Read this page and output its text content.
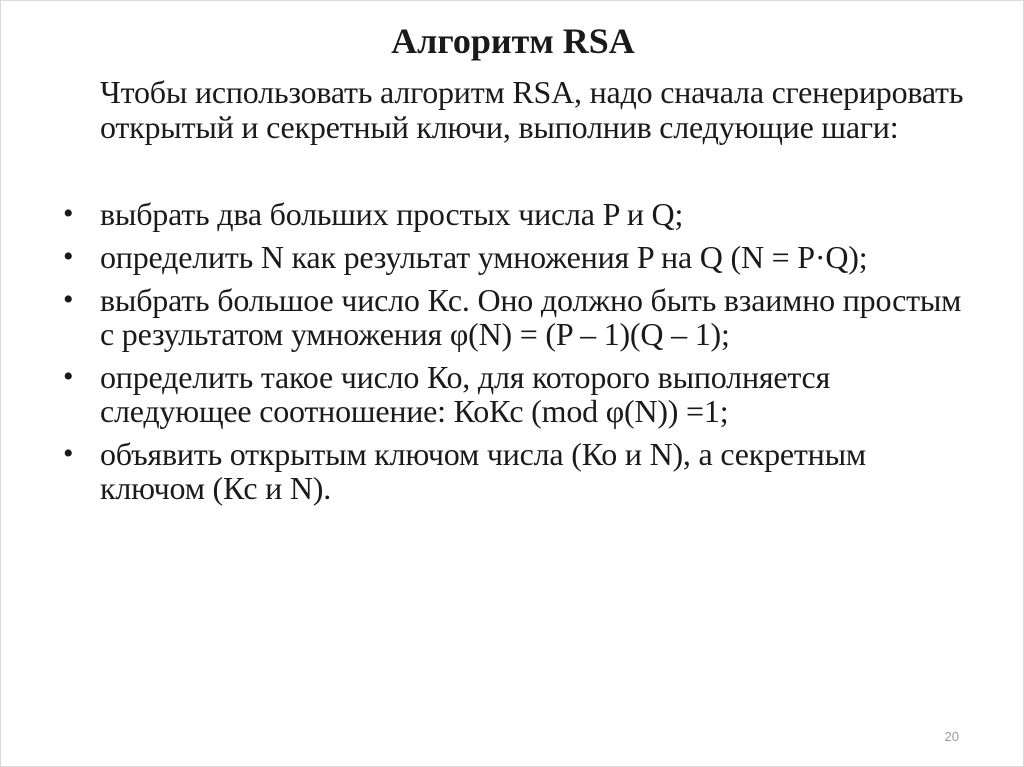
Алгоритм RSA
Чтобы использовать алгоритм RSA, надо сначала сгенерировать открытый и секретный ключи, выполнив следующие шаги:
• выбрать два больших простых числа P и Q;
• определить N как результат умножения P на Q (N = P·Q);
• выбрать большое число Кс. Оно должно быть взаимно простым с результатом умножения φ(N) = (P – 1)(Q – 1);
• определить такое число Ко, для которого выполняется следующее соотношение: КоКс (mod φ(N)) =1;
• объявить открытым ключом числа (Ко и N), а секретным ключом (Кс и N).
20
